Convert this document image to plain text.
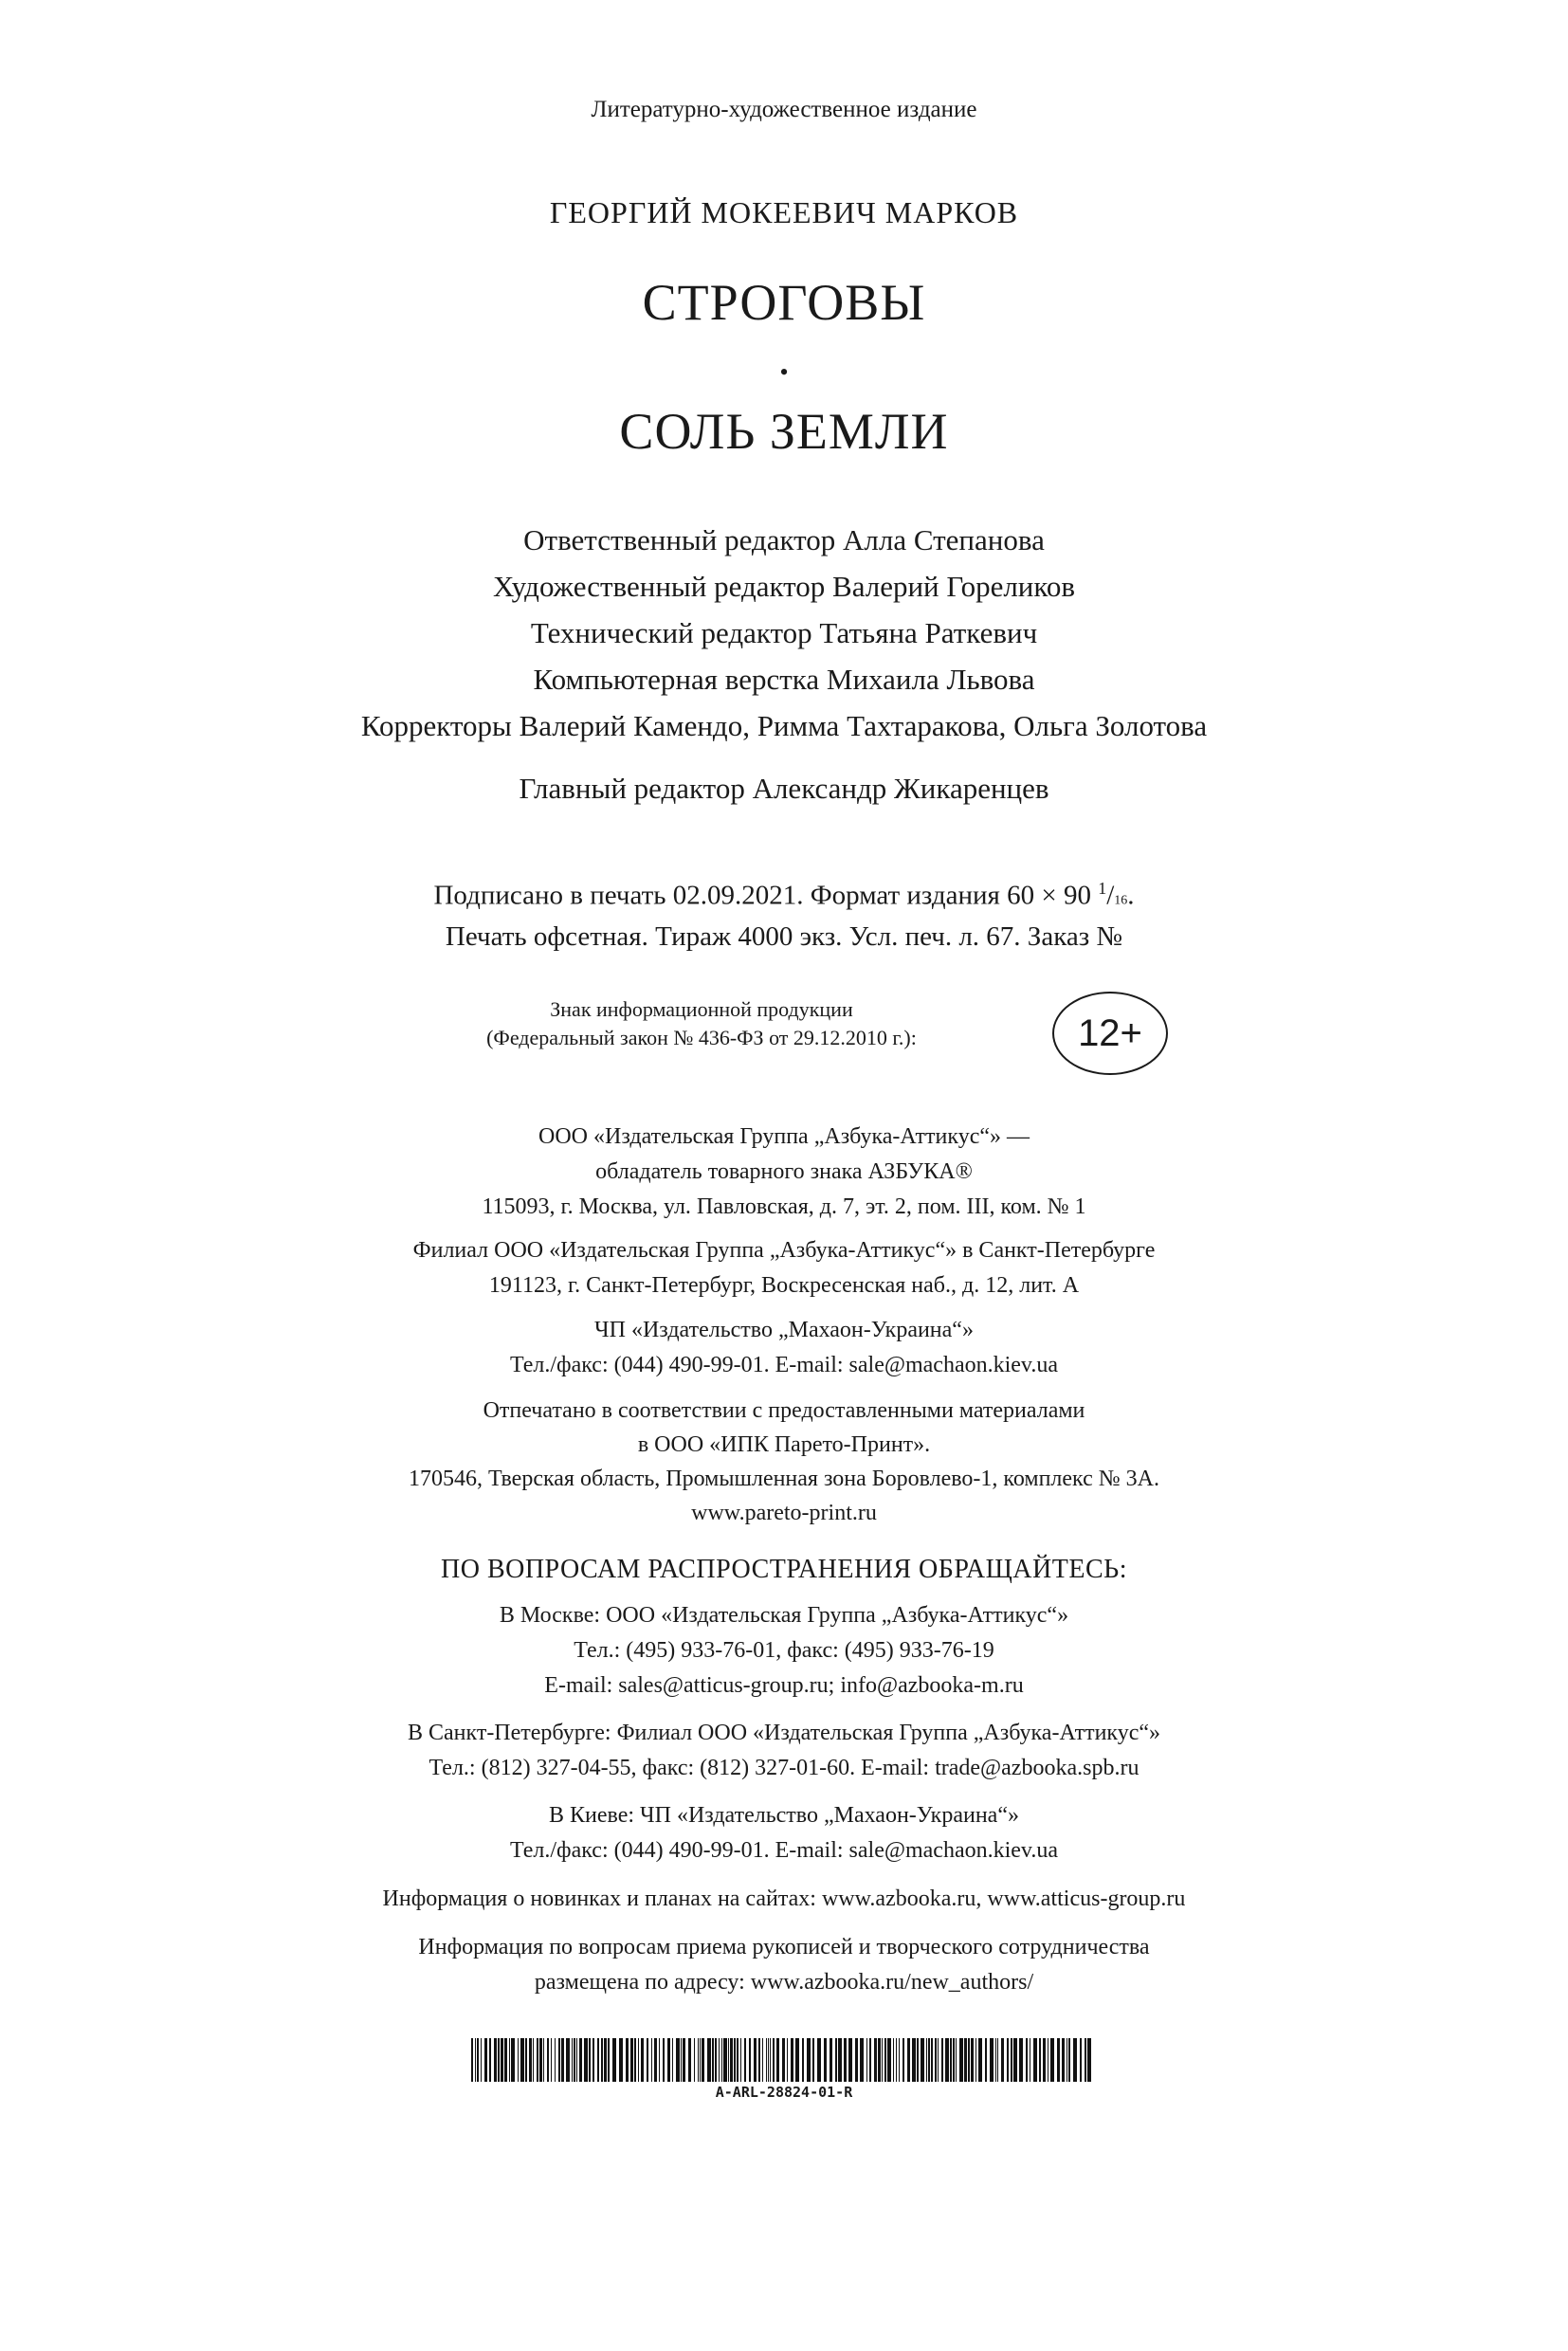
Литературно-художественное издание
ГЕОРГИЙ МОКЕЕВИЧ МАРКОВ
СТРОГОВЫ
•
СОЛЬ ЗЕМЛИ
Ответственный редактор Алла Степанова
Художественный редактор Валерий Гореликов
Технический редактор Татьяна Раткевич
Компьютерная верстка Михаила Львова
Корректоры Валерий Камендо, Римма Тахтаракова, Ольга Золотова
Главный редактор Александр Жикаренцев
Подписано в печать 02.09.2021. Формат издания 60 × 90 $^1$/16.
Печать офсетная. Тираж 4000 экз. Усл. печ. л. 67. Заказ №
Знак информационной продукции
(Федеральный закон № 436-ФЗ от 29.12.2010 г.):	12+
ООО «Издательская Группа „Азбука-Аттикус“» —
обладатель товарного знака АЗБУКА®
115093, г. Москва, ул. Павловская, д. 7, эт. 2, пом. III, ком. № 1
Филиал ООО «Издательская Группа „Азбука-Аттикус“» в Санкт-Петербурге
191123, г. Санкт-Петербург, Воскресенская наб., д. 12, лит. А
ЧП «Издательство „Махаон-Украина“»
Тел./факс: (044) 490-99-01. E-mail: sale@machaon.kiev.ua
Отпечатано в соответствии с предоставленными материалами
в ООО «ИПК Парето-Принт».
170546, Тверская область, Промышленная зона Боровлево-1, комплекс № 3А.
www.pareto-print.ru
ПО ВОПРОСАМ РАСПРОСТРАНЕНИЯ ОБРАЩАЙТЕСЬ:
В Москве: ООО «Издательская Группа „Азбука-Аттикус“»
Тел.: (495) 933-76-01, факс: (495) 933-76-19
E-mail: sales@atticus-group.ru; info@azbooka-m.ru
В Санкт-Петербурге: Филиал ООО «Издательская Группа „Азбука-Аттикус“»
Тел.: (812) 327-04-55, факс: (812) 327-01-60. E-mail: trade@azbooka.spb.ru
В Киеве: ЧП «Издательство „Махаон-Украина“»
Тел./факс: (044) 490-99-01. E-mail: sale@machaon.kiev.ua
Информация о новинках и планах на сайтах: www.azbooka.ru, www.atticus-group.ru
Информация по вопросам приема рукописей и творческого сотрудничества
размещена по адресу: www.azbooka.ru/new_authors/
A-ARL-28824-01-R
